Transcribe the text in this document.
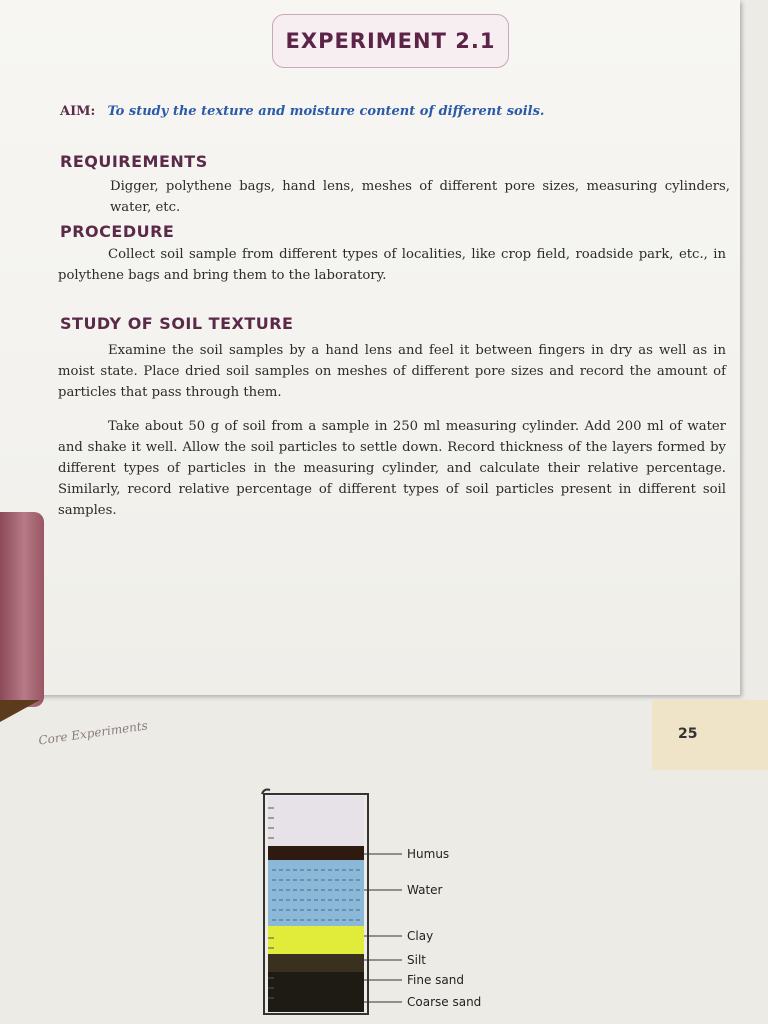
EXPERIMENT 2.1
AIM: To study the texture and moisture content of different soils.
REQUIREMENTS

Digger, polythene bags, hand lens, meshes of different pore sizes, measuring cylinders, water, etc.

PROCEDURE

Collect soil sample from different types of localities, like crop field, roadside park, etc., in polythene bags and bring them to the laboratory.

STUDY OF SOIL TEXTURE

Examine the soil samples by a hand lens and feel it between fingers in dry as well as in moist state. Place dried soil samples on meshes of different pore sizes and record the amount of particles that pass through them.

Take about 50 g of soil from a sample in 250 ml measuring cylinder. Add 200 ml of water and shake it well. Allow the soil particles to settle down. Record thickness of the layers formed by different types of particles in the measuring cylinder, and calculate their relative percentage. Similarly, record relative percentage of different types of soil particles present in different soil samples.

Core Experiments	25
Humus
Water
Clay
Silt
Fine sand
Coarse sand
